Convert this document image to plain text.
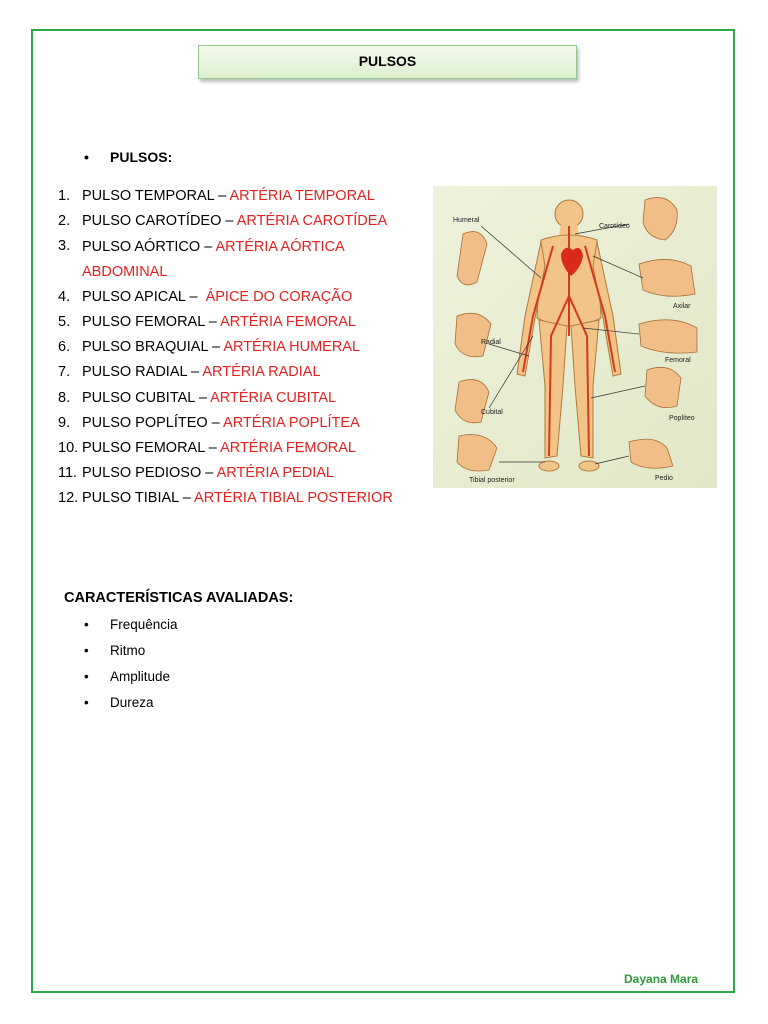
PULSOS
• PULSOS:
1. PULSO TEMPORAL – ARTÉRIA TEMPORAL
2. PULSO CAROTÍDEO – ARTÉRIA CAROTÍDEA
3. PULSO AÓRTICO – ARTÉRIA AÓRTICA ABDOMINAL
4. PULSO APICAL –  ÁPICE DO CORAÇÃO
5. PULSO FEMORAL – ARTÉRIA FEMORAL
6. PULSO BRAQUIAL – ARTÉRIA HUMERAL
7. PULSO RADIAL – ARTÉRIA RADIAL
8. PULSO CUBITAL – ARTÉRIA CUBITAL
9. PULSO POPLÍTEO – ARTÉRIA POPLÍTEA
10. PULSO FEMORAL – ARTÉRIA FEMORAL
11. PULSO PEDIOSO – ARTÉRIA PEDIAL
12. PULSO TIBIAL – ARTÉRIA TIBIAL POSTERIOR
Humeral
Carotídeo
Axilar
Radial
Femoral
Cubital
Poplíteo
Tibial posterior	Pedio
CARACTERÍSTICAS AVALIADAS:
• Frequência
• Ritmo
• Amplitude
• Dureza
Dayana Mara
